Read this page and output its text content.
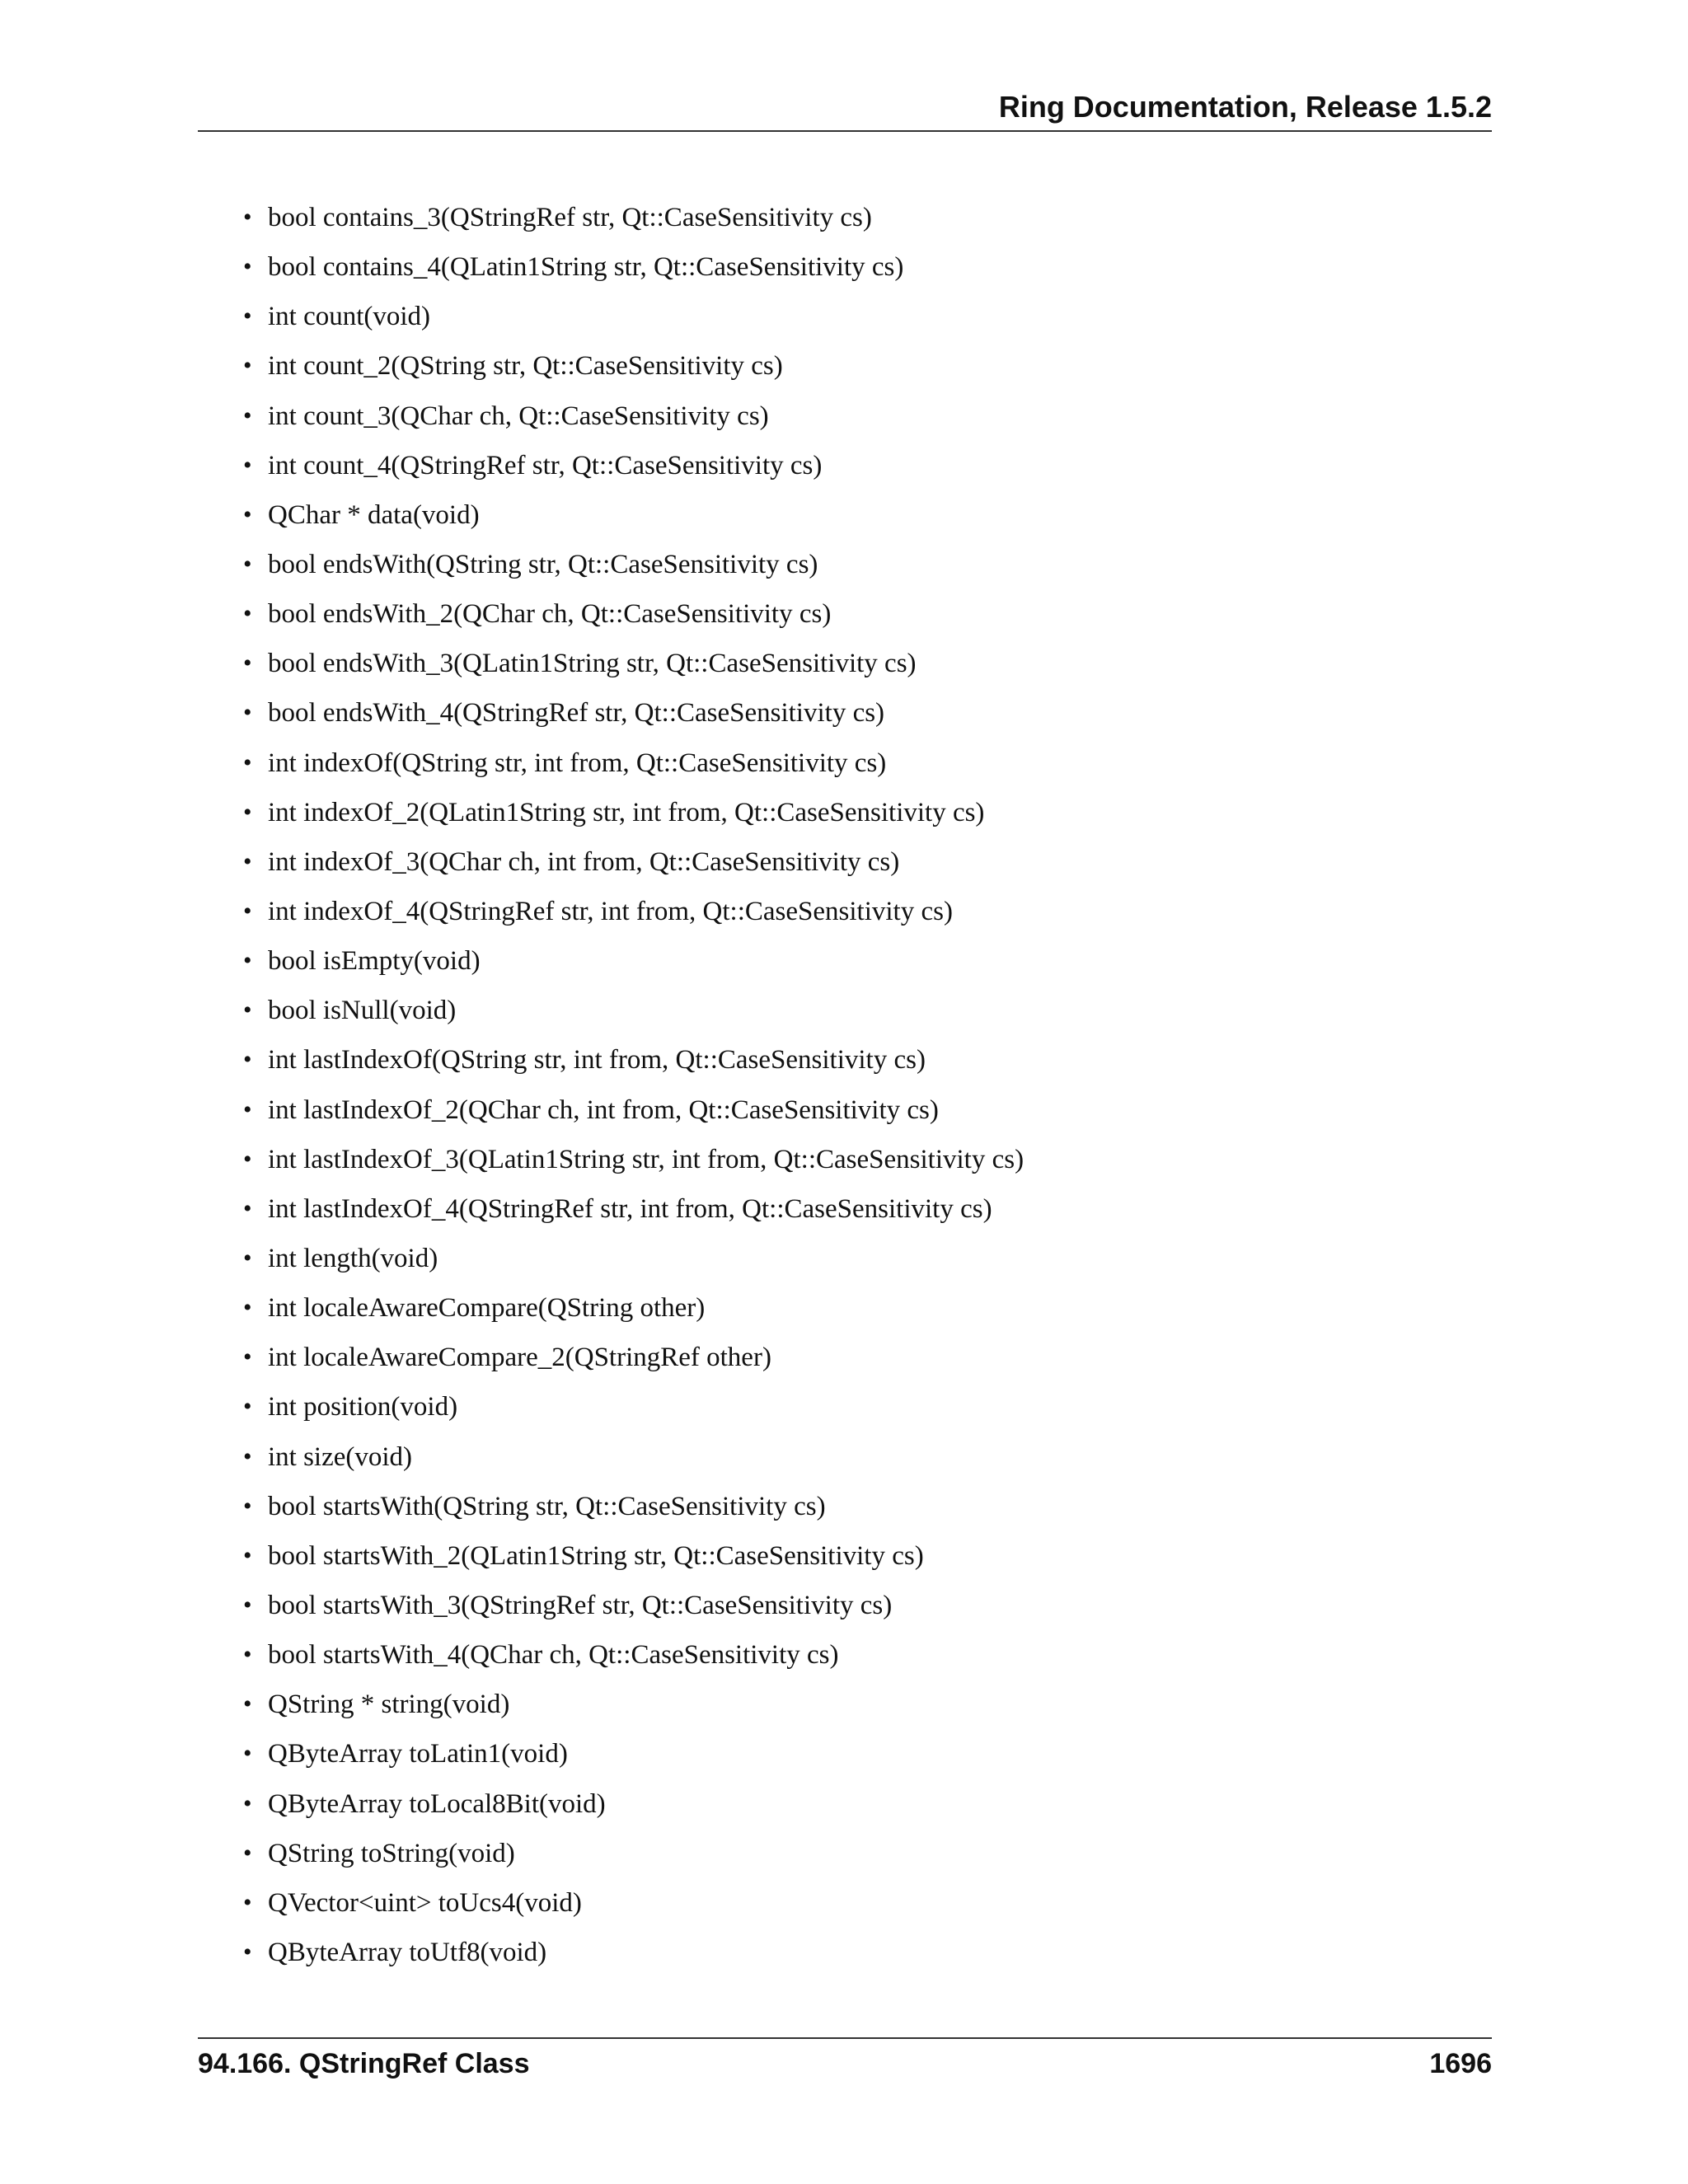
Ring Documentation, Release 1.5.2
• bool contains_3(QStringRef str, Qt::CaseSensitivity cs)
• bool contains_4(QLatin1String str, Qt::CaseSensitivity cs)
• int count(void)
• int count_2(QString str, Qt::CaseSensitivity cs)
• int count_3(QChar ch, Qt::CaseSensitivity cs)
• int count_4(QStringRef str, Qt::CaseSensitivity cs)
• QChar * data(void)
• bool endsWith(QString str, Qt::CaseSensitivity cs)
• bool endsWith_2(QChar ch, Qt::CaseSensitivity cs)
• bool endsWith_3(QLatin1String str, Qt::CaseSensitivity cs)
• bool endsWith_4(QStringRef str, Qt::CaseSensitivity cs)
• int indexOf(QString str, int from, Qt::CaseSensitivity cs)
• int indexOf_2(QLatin1String str, int from, Qt::CaseSensitivity cs)
• int indexOf_3(QChar ch, int from, Qt::CaseSensitivity cs)
• int indexOf_4(QStringRef str, int from, Qt::CaseSensitivity cs)
• bool isEmpty(void)
• bool isNull(void)
• int lastIndexOf(QString str, int from, Qt::CaseSensitivity cs)
• int lastIndexOf_2(QChar ch, int from, Qt::CaseSensitivity cs)
• int lastIndexOf_3(QLatin1String str, int from, Qt::CaseSensitivity cs)
• int lastIndexOf_4(QStringRef str, int from, Qt::CaseSensitivity cs)
• int length(void)
• int localeAwareCompare(QString other)
• int localeAwareCompare_2(QStringRef other)
• int position(void)
• int size(void)
• bool startsWith(QString str, Qt::CaseSensitivity cs)
• bool startsWith_2(QLatin1String str, Qt::CaseSensitivity cs)
• bool startsWith_3(QStringRef str, Qt::CaseSensitivity cs)
• bool startsWith_4(QChar ch, Qt::CaseSensitivity cs)
• QString * string(void)
• QByteArray toLatin1(void)
• QByteArray toLocal8Bit(void)
• QString toString(void)
• QVector<uint> toUcs4(void)
• QByteArray toUtf8(void)
94.166. QStringRef Class	1696
